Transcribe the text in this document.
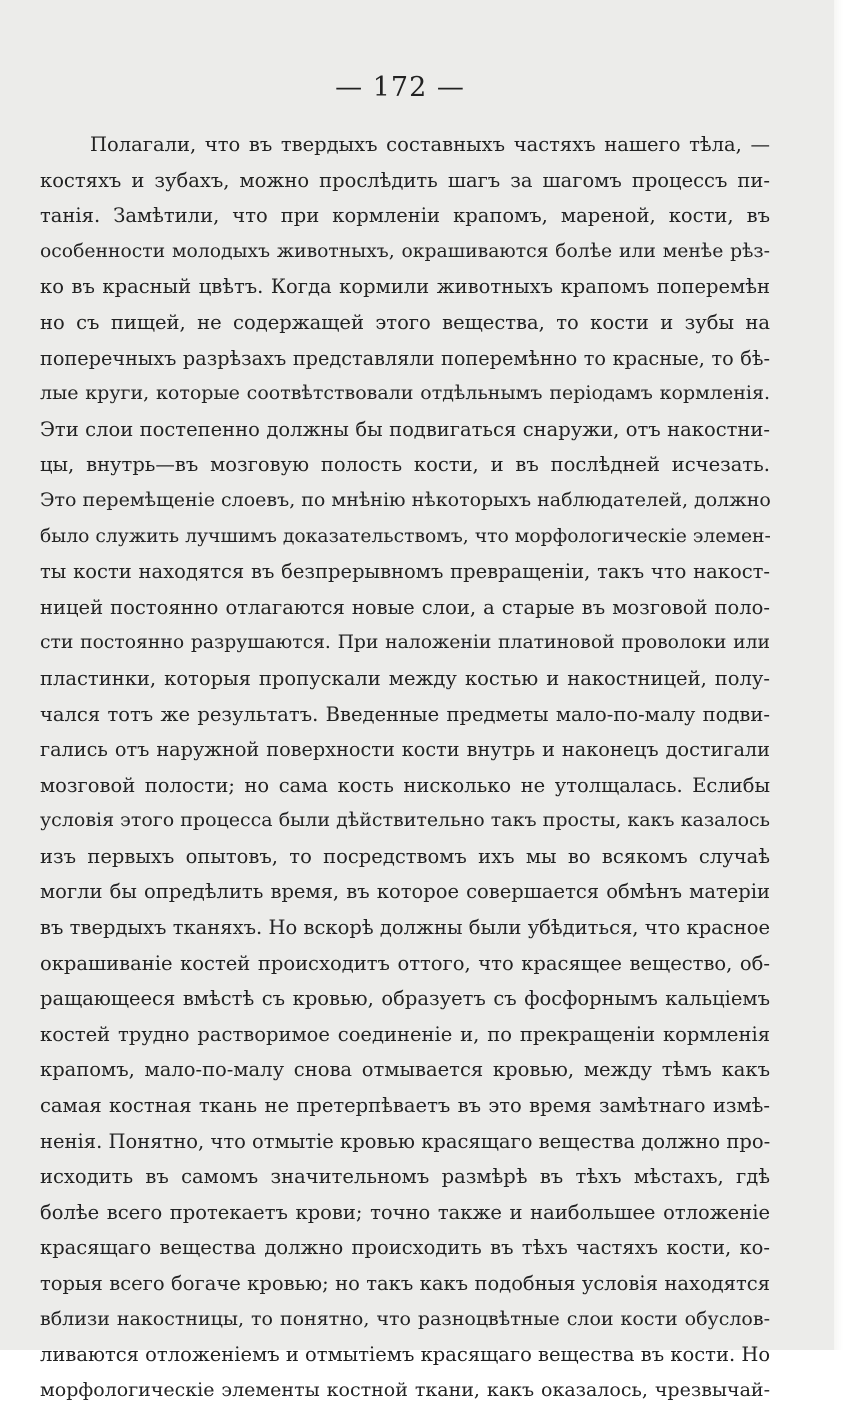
— 172 —
Полагали, что въ твердыхъ составныхъ частяхъ нашего тѣла, —
костяхъ и зубахъ, можно прослѣдить шагъ за шагомъ процессъ пи-
танія. Замѣтили, что при кормленіи крапомъ, мареной, кости, въ
особенности молодыхъ животныхъ, окрашиваются болѣе или менѣе рѣз-
ко въ красный цвѣтъ. Когда кормили животныхъ крапомъ поперемѣн
но съ пищей, не содержащей этого вещества, то кости и зубы на
поперечныхъ разрѣзахъ представляли поперемѣнно то красные, то бѣ-
лые круги, которые соотвѣтствовали отдѣльнымъ періодамъ кормленія.
Эти слои постепенно должны бы подвигаться снаружи, отъ накостни-
цы, внутрь—въ мозговую полость кости, и въ послѣдней исчезать.
Это перемѣщеніе слоевъ, по мнѣнію нѣкоторыхъ наблюдателей, должно
было служить лучшимъ доказательствомъ, что морфологическіе элемен-
ты кости находятся въ безпрерывномъ превращеніи, такъ что накост-
ницей постоянно отлагаются новые слои, а старые въ мозговой поло-
сти постоянно разрушаются. При наложеніи платиновой проволоки или
пластинки, которыя пропускали между костью и накостницей, полу-
чался тотъ же результатъ. Введенные предметы мало-по-малу подви-
гались отъ наружной поверхности кости внутрь и наконецъ достигали
мозговой полости; но сама кость нисколько не утолщалась. Еслибы
условія этого процесса были дѣйствительно такъ просты, какъ казалось
изъ первыхъ опытовъ, то посредствомъ ихъ мы во всякомъ случаѣ
могли бы опредѣлить время, въ которое совершается обмѣнъ матеріи
въ твердыхъ тканяхъ. Но вскорѣ должны были убѣдиться, что красное
окрашиваніе костей происходитъ оттого, что красящее вещество, об-
ращающееся вмѣстѣ съ кровью, образуетъ съ фосфорнымъ кальціемъ
костей трудно растворимое соединеніе и, по прекращеніи кормленія
крапомъ, мало-по-малу снова отмывается кровью, между тѣмъ какъ
самая костная ткань не претерпѣваетъ въ это время замѣтнаго измѣ-
ненія. Понятно, что отмытіе кровью красящаго вещества должно про-
исходить въ самомъ значительномъ размѣрѣ въ тѣхъ мѣстахъ, гдѣ
болѣе всего протекаетъ крови; точно также и наибольшее отложеніе
красящаго вещества должно происходить въ тѣхъ частяхъ кости, ко-
торыя всего богаче кровью; но такъ какъ подобныя условія находятся
вблизи накостницы, то понятно, что разноцвѣтные слои кости обуслов-
ливаются отложеніемъ и отмытіемъ красящаго вещества въ кости. Но
морфологическіе элементы костной ткани, какъ оказалось, чрезвычай-
